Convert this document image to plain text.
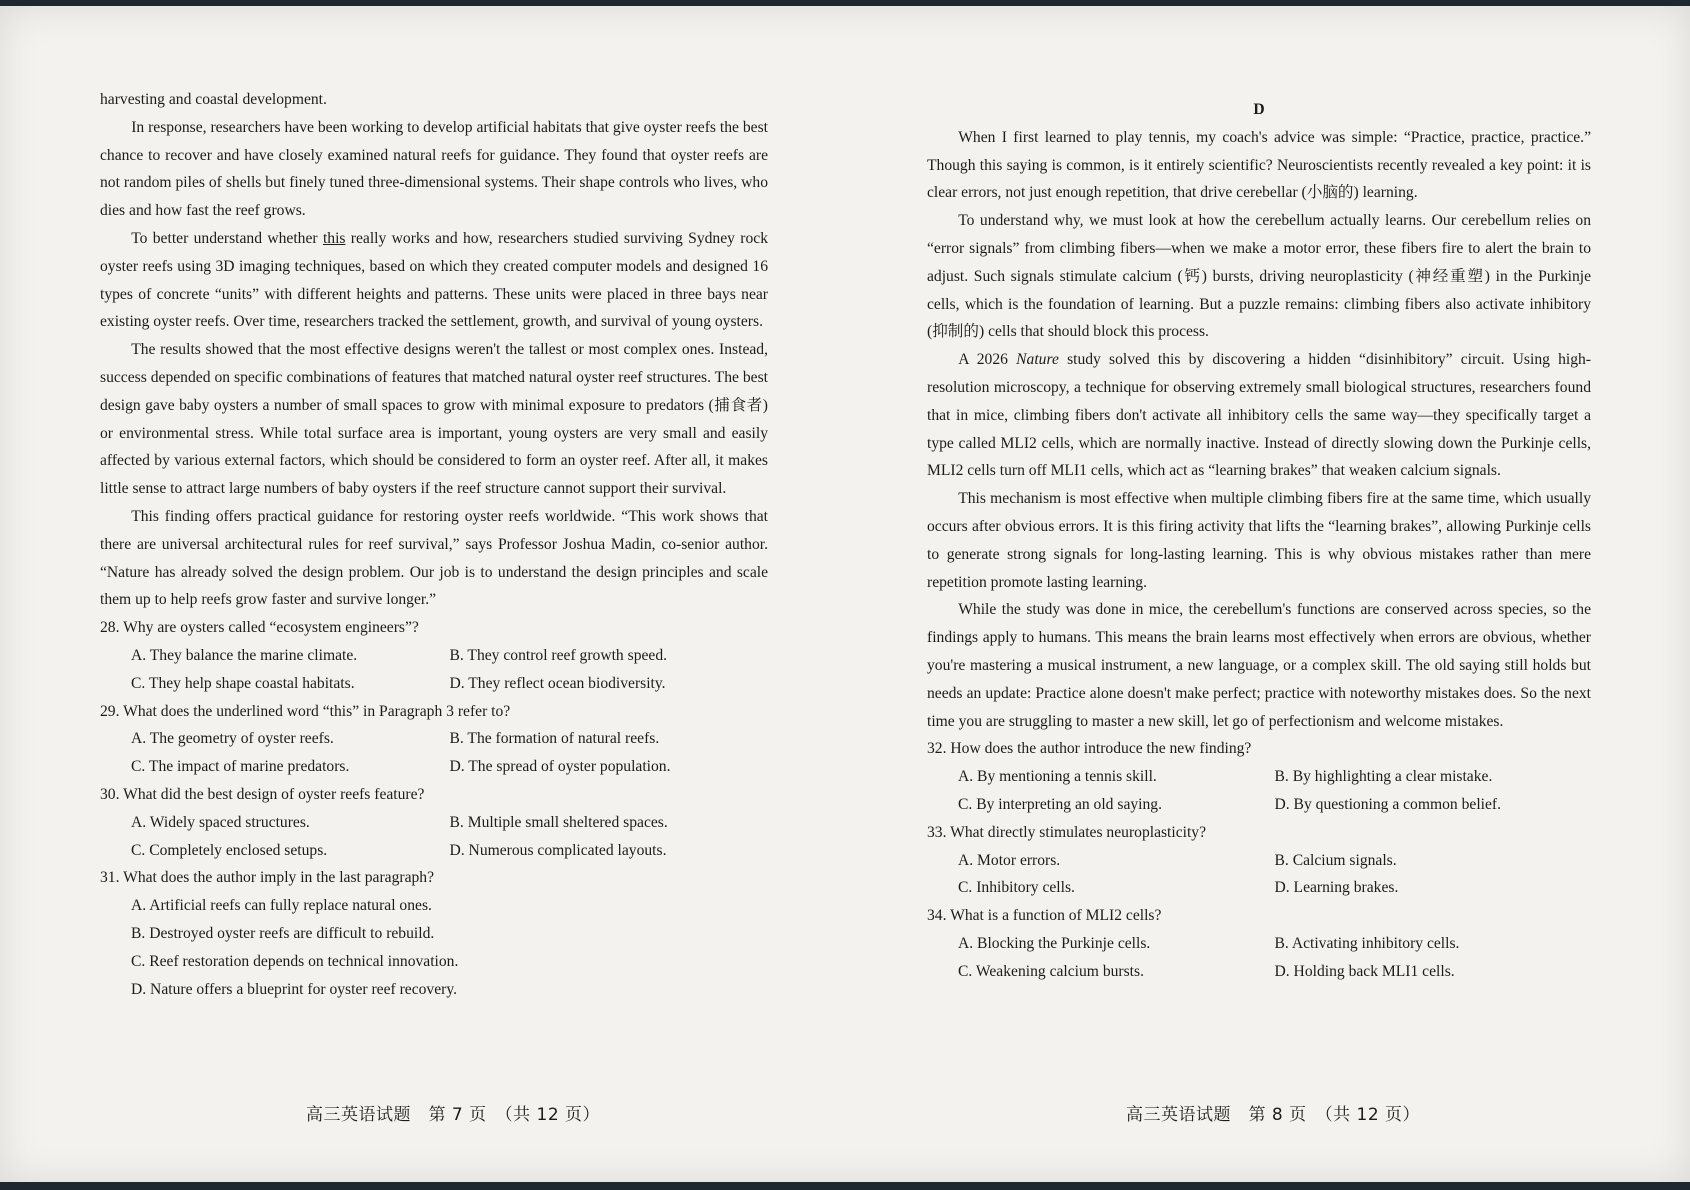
harvesting and coastal development.

In response, researchers have been working to develop artificial habitats that give oyster reefs the best chance to recover and have closely examined natural reefs for guidance. They found that oyster reefs are not random piles of shells but finely tuned three-dimensional systems. Their shape controls who lives, who dies and how fast the reef grows.

To better understand whether this really works and how, researchers studied surviving Sydney rock oyster reefs using 3D imaging techniques, based on which they created computer models and designed 16 types of concrete “units” with different heights and patterns. These units were placed in three bays near existing oyster reefs. Over time, researchers tracked the settlement, growth, and survival of young oysters.

The results showed that the most effective designs weren't the tallest or most complex ones. Instead, success depended on specific combinations of features that matched natural oyster reef structures. The best design gave baby oysters a number of small spaces to grow with minimal exposure to predators (捕食者) or environmental stress. While total surface area is important, young oysters are very small and easily affected by various external factors, which should be considered to form an oyster reef. After all, it makes little sense to attract large numbers of baby oysters if the reef structure cannot support their survival.

This finding offers practical guidance for restoring oyster reefs worldwide. “This work shows that there are universal architectural rules for reef survival,” says Professor Joshua Madin, co-senior author. “Nature has already solved the design problem. Our job is to understand the design principles and scale them up to help reefs grow faster and survive longer.”

28. Why are oysters called “ecosystem engineers”?

A. They balance the marine climate.	B. They control reef growth speed.
C. They help shape coastal habitats.	D. They reflect ocean biodiversity.

29. What does the underlined word “this” in Paragraph 3 refer to?

A. The geometry of oyster reefs.	B. The formation of natural reefs.
C. The impact of marine predators.	D. The spread of oyster population.

30. What did the best design of oyster reefs feature?

A. Widely spaced structures.	B. Multiple small sheltered spaces.
C. Completely enclosed setups.	D. Numerous complicated layouts.

31. What does the author imply in the last paragraph?

A. Artificial reefs can fully replace natural ones.
B. Destroyed oyster reefs are difficult to rebuild.
C. Reef restoration depends on technical innovation.
D. Nature offers a blueprint for oyster reef recovery.

D

When I first learned to play tennis, my coach's advice was simple: “Practice, practice, practice.” Though this saying is common, is it entirely scientific? Neuroscientists recently revealed a key point: it is clear errors, not just enough repetition, that drive cerebellar (小脑的) learning.

To understand why, we must look at how the cerebellum actually learns. Our cerebellum relies on “error signals” from climbing fibers—when we make a motor error, these fibers fire to alert the brain to adjust. Such signals stimulate calcium (钙) bursts, driving neuroplasticity (神经重塑) in the Purkinje cells, which is the foundation of learning. But a puzzle remains: climbing fibers also activate inhibitory (抑制的) cells that should block this process.

A 2026 Nature study solved this by discovering a hidden “disinhibitory” circuit. Using high-resolution microscopy, a technique for observing extremely small biological structures, researchers found that in mice, climbing fibers don't activate all inhibitory cells the same way—they specifically target a type called MLI2 cells, which are normally inactive. Instead of directly slowing down the Purkinje cells, MLI2 cells turn off MLI1 cells, which act as “learning brakes” that weaken calcium signals.

This mechanism is most effective when multiple climbing fibers fire at the same time, which usually occurs after obvious errors. It is this firing activity that lifts the “learning brakes”, allowing Purkinje cells to generate strong signals for long-lasting learning. This is why obvious mistakes rather than mere repetition promote lasting learning.

While the study was done in mice, the cerebellum's functions are conserved across species, so the findings apply to humans. This means the brain learns most effectively when errors are obvious, whether you're mastering a musical instrument, a new language, or a complex skill. The old saying still holds but needs an update: Practice alone doesn't make perfect; practice with noteworthy mistakes does. So the next time you are struggling to master a new skill, let go of perfectionism and welcome mistakes.

32. How does the author introduce the new finding?

A. By mentioning a tennis skill.	B. By highlighting a clear mistake.
C. By interpreting an old saying.	D. By questioning a common belief.

33. What directly stimulates neuroplasticity?

A. Motor errors.	B. Calcium signals.
C. Inhibitory cells.	D. Learning brakes.

34. What is a function of MLI2 cells?

A. Blocking the Purkinje cells.	B. Activating inhibitory cells.
C. Weakening calcium bursts.	D. Holding back MLI1 cells.
高三英语试题　第 7 页　（共 12 页）	高三英语试题　第 8 页　（共 12 页）
